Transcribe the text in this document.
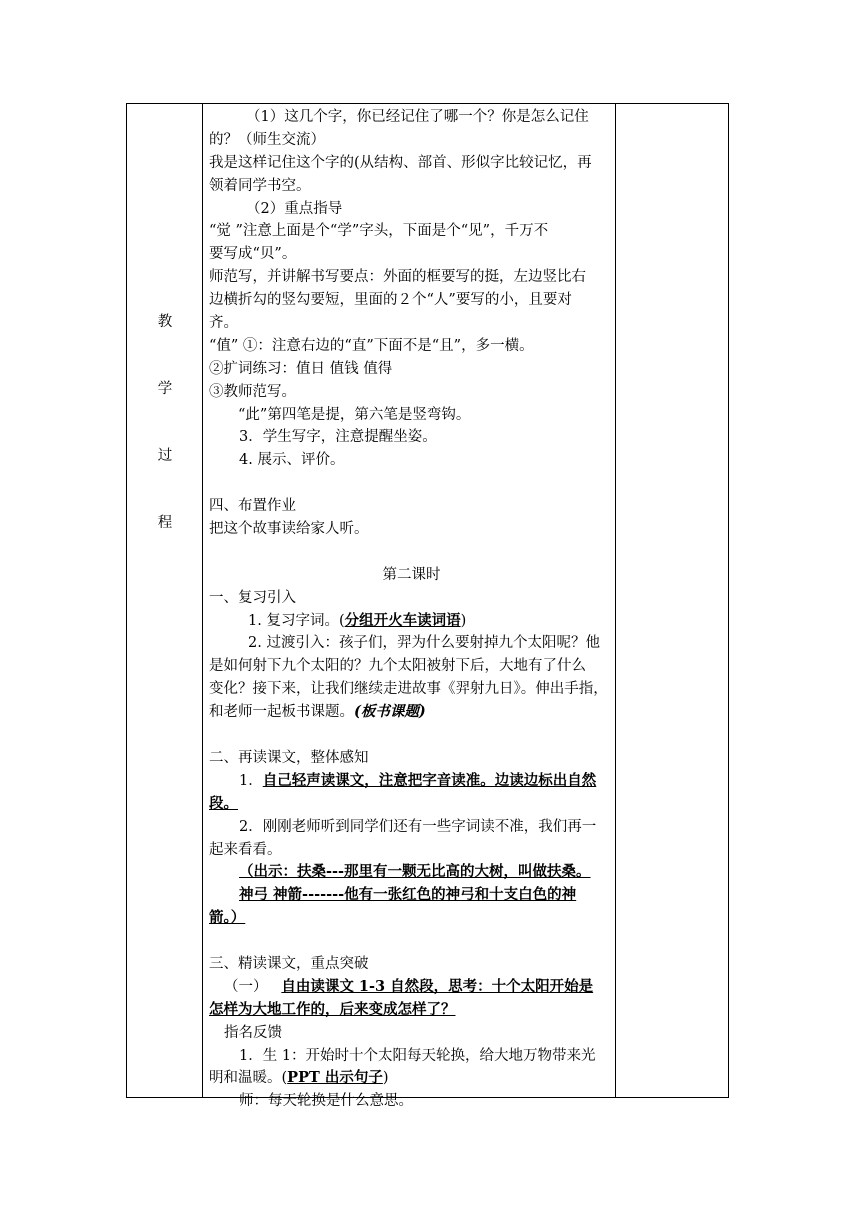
教
学
过
程
（1）这几个字，你已经记住了哪一个？你是怎么记住
的？（师生交流）
我是这样记住这个字的(从结构、部首、形似字比较记忆，再
领着同学书空。
（2）重点指导
“觉 ”注意上面是个“学”字头，下面是个“见”，千万不
要写成“贝”。
师范写，并讲解书写要点：外面的框要写的挺，左边竖比右
边横折勾的竖勾要短，里面的２个“人”要写的小，且要对
齐。
“值” ①：注意右边的“直”下面不是“且”，多一横。
②扩词练习：值日 值钱 值得
③教师范写。
“此”第四笔是提，第六笔是竖弯钩。
3．学生写字，注意提醒坐姿。
4. 展示、评价。
四、布置作业
把这个故事读给家人听。
第二课时
一、复习引入
1. 复习字词。(分组开火车读词语)
2. 过渡引入：孩子们，羿为什么要射掉九个太阳呢？他
是如何射下九个太阳的？九个太阳被射下后，大地有了什么
变化？接下来，让我们继续走进故事《羿射九日》。伸出手指，
和老师一起板书课题。(板书课题)
二、再读课文，整体感知
1．自己轻声读课文，注意把字音读准。边读边标出自然
段。
2．刚刚老师听到同学们还有一些字词读不准，我们再一
起来看看。
（出示：扶桑---那里有一颗无比高的大树，叫做扶桑。
神弓 神箭-------他有一张红色的神弓和十支白色的神
箭。）
三、精读课文，重点突破
（一）   自由读课文 1-3 自然段，思考：十个太阳开始是
怎样为大地工作的，后来变成怎样了？
指名反馈
1．生 1：开始时十个太阳每天轮换，给大地万物带来光
明和温暖。(PPT 出示句子)
师：每天轮换是什么意思。
